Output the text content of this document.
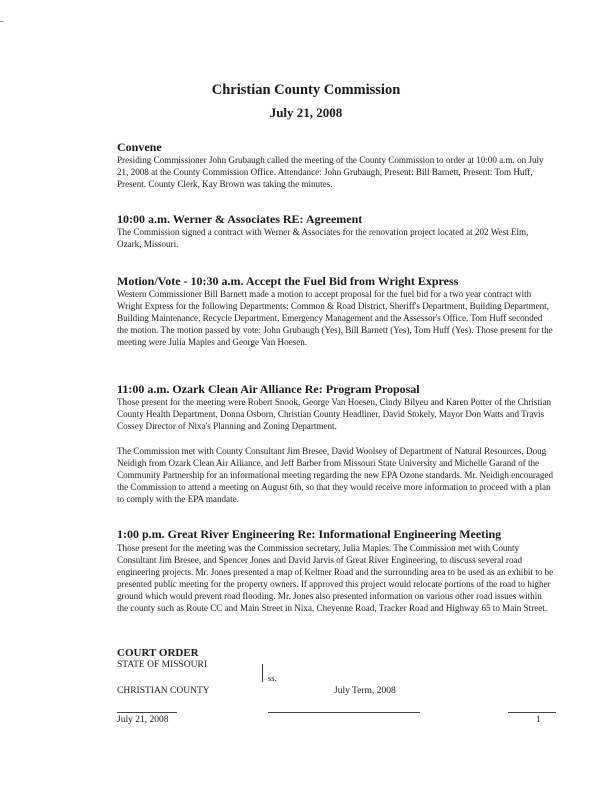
-
Christian County Commission
July 21, 2008
Convene

Presiding Commissioner John Grubaugh called the meeting of the County Commission to order at 10:00 a.m. on July 21, 2008 at the County Commission Office. Attendance: John Grubaugh, Present: Bill Barnett, Present: Tom Huff, Present. County Clerk, Kay Brown was taking the minutes.

10:00 a.m. Werner & Associates RE: Agreement

The Commission signed a contract with Werner & Associates for the renovation project located at 202 West Elm, Ozark, Missouri.

Motion/Vote - 10:30 a.m. Accept the Fuel Bid from Wright Express

Western Commissioner Bill Barnett made a motion to accept proposal for the fuel bid for a two year contract with Wright Express for the following Departments: Common & Road District, Sheriff's Department, Building Department, Building Maintenance, Recycle Department, Emergency Management and the Assessor's Office. Tom Huff seconded the motion. The motion passed by vote: John Grubaugh (Yes), Bill Barnett (Yes), Tom Huff (Yes). Those present for the meeting were Julia Maples and George Van Hoesen.

11:00 a.m. Ozark Clean Air Alliance Re: Program Proposal

Those present for the meeting were Robert Snook, George Van Hoesen, Cindy Bilyeu and Karen Potter of the Christian County Health Department, Donna Osborn, Christian County Headliner, David Stokely, Mayor Don Watts and Travis Cossey Director of Nixa's Planning and Zoning Department.

The Commission met with County Consultant Jim Bresee, David Woolsey of Department of Natural Resources, Doug Neidigh from Ozark Clean Air Alliance, and Jeff Barber from Missouri State University and Michelle Garand of the Community Partnership for an informational meeting regarding the new EPA Ozone standards. Mr. Neidigh encouraged the Commission to attend a meeting on August 6th, so that they would receive more information to proceed with a plan to comply with the EPA mandate.

1:00 p.m. Great River Engineering Re: Informational Engineering Meeting

Those present for the meeting was the Commission secretary, Julia Maples. The Commission met with County Consultant Jim Bresee, and Spencer Jones and David Jarvis of Great River Engineering, to discuss several road engineering projects. Mr. Jones presented a map of Keltner Road and the surrounding area to be used as an exhibit to be presented public meeting for the property owners. If approved this project would relocate portions of the road to higher ground which would prevent road flooding. Mr. Jones also presented information on various other road issues within the county such as Route CC and Main Street in Nixa, Cheyenne Road, Tracker Road and Highway 65 to Main Street.

COURT ORDER
STATE OF MISSOURI
ss.
CHRISTIAN COUNTY	July Term, 2008
July 21, 2008	1
